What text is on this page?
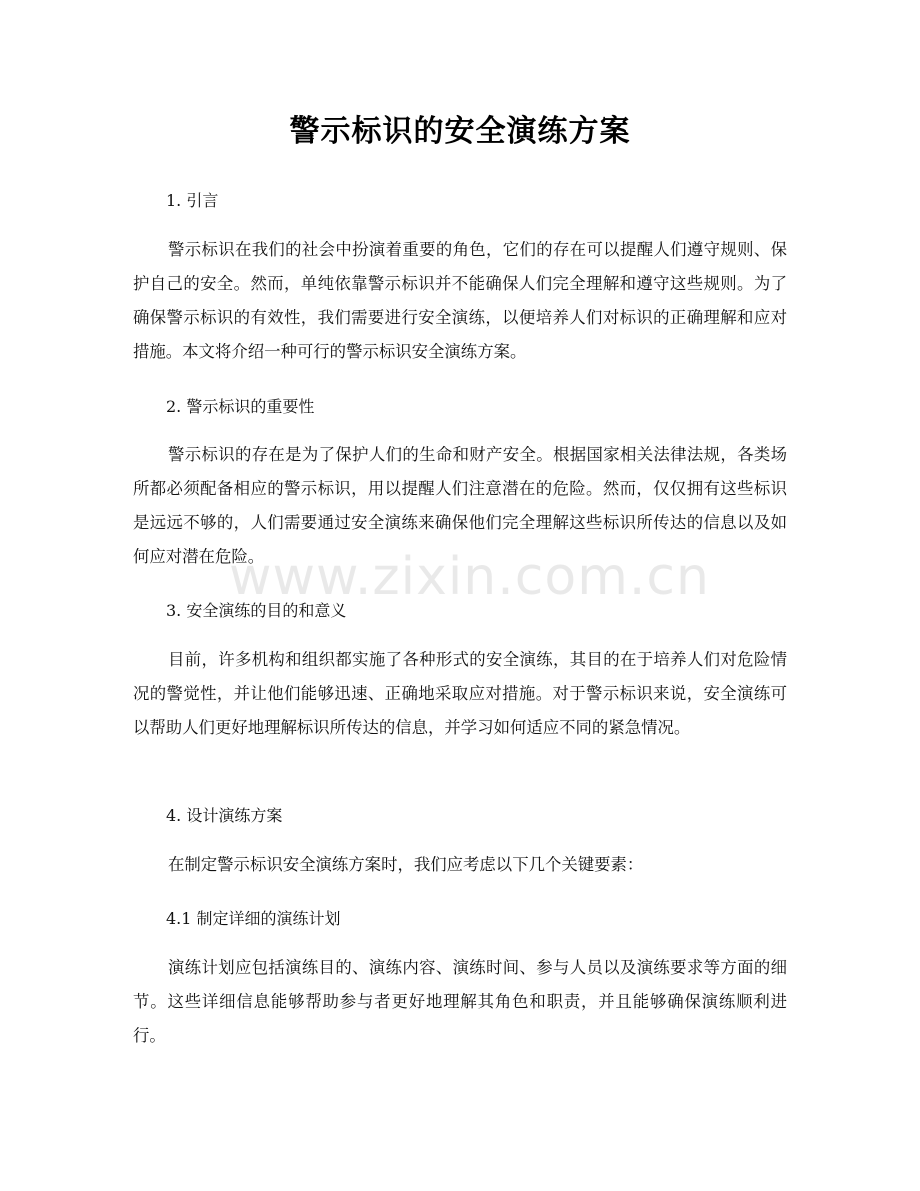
警示标识的安全演练方案
1. 引言

警示标识在我们的社会中扮演着重要的角色，它们的存在可以提醒人们遵守规则、保护自己的安全。然而，单纯依靠警示标识并不能确保人们完全理解和遵守这些规则。为了确保警示标识的有效性，我们需要进行安全演练，以便培养人们对标识的正确理解和应对措施。本文将介绍一种可行的警示标识安全演练方案。

2. 警示标识的重要性

警示标识的存在是为了保护人们的生命和财产安全。根据国家相关法律法规，各类场所都必须配备相应的警示标识，用以提醒人们注意潜在的危险。然而，仅仅拥有这些标识是远远不够的，人们需要通过安全演练来确保他们完全理解这些标识所传达的信息以及如何应对潜在危险。

3. 安全演练的目的和意义

目前，许多机构和组织都实施了各种形式的安全演练，其目的在于培养人们对危险情况的警觉性，并让他们能够迅速、正确地采取应对措施。对于警示标识来说，安全演练可以帮助人们更好地理解标识所传达的信息，并学习如何适应不同的紧急情况。

4. 设计演练方案

在制定警示标识安全演练方案时，我们应考虑以下几个关键要素：

4.1 制定详细的演练计划

演练计划应包括演练目的、演练内容、演练时间、参与人员以及演练要求等方面的细节。这些详细信息能够帮助参与者更好地理解其角色和职责，并且能够确保演练顺利进行。

www.zixin.com.cn
